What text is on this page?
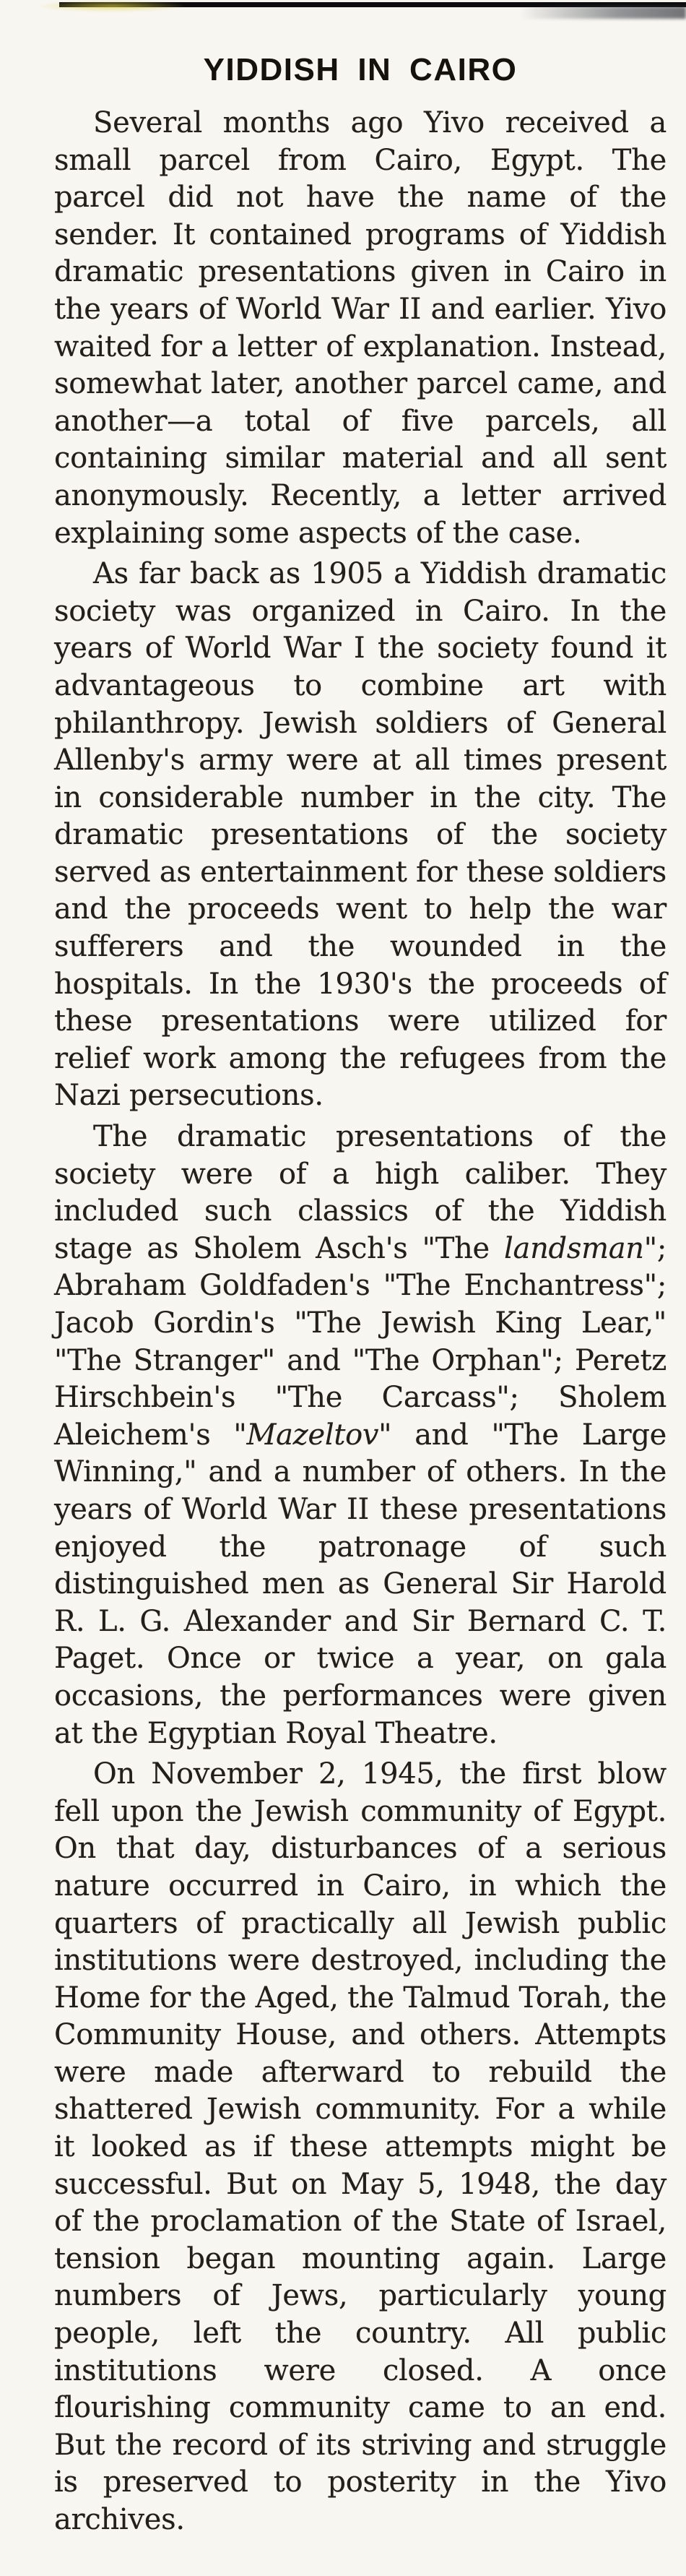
YIDDISH IN CAIRO

Several months ago Yivo received a small parcel from Cairo, Egypt. The parcel did not have the name of the sender. It contained programs of Yiddish dramatic presentations given in Cairo in the years of World War II and earlier. Yivo waited for a letter of explanation. Instead, somewhat later, another parcel came, and another—a total of five parcels, all containing similar material and all sent anonymously. Recently, a letter arrived explaining some aspects of the case.

As far back as 1905 a Yiddish dramatic society was organized in Cairo. In the years of World War I the society found it advantageous to combine art with philanthropy. Jewish soldiers of General Allenby's army were at all times present in considerable number in the city. The dramatic presentations of the society served as entertainment for these soldiers and the proceeds went to help the war sufferers and the wounded in the hospitals. In the 1930's the proceeds of these presentations were utilized for relief work among the refugees from the Nazi persecutions.

The dramatic presentations of the society were of a high caliber. They included such classics of the Yiddish stage as Sholem Asch's "The landsman"; Abraham Goldfaden's "The Enchantress"; Jacob Gordin's "The Jewish King Lear," "The Stranger" and "The Orphan"; Peretz Hirschbein's "The Carcass"; Sholem Aleichem's "Mazeltov" and "The Large Winning," and a number of others. In the years of World War II these presentations enjoyed the patronage of such distinguished men as General Sir Harold R. L. G. Alexander and Sir Bernard C. T. Paget. Once or twice a year, on gala occasions, the performances were given at the Egyptian Royal Theatre.

On November 2, 1945, the first blow fell upon the Jewish community of Egypt. On that day, disturbances of a serious nature occurred in Cairo, in which the quarters of practically all Jewish public institutions were destroyed, including the Home for the Aged, the Talmud Torah, the Community House, and others. Attempts were made afterward to rebuild the shattered Jewish community. For a while it looked as if these attempts might be successful. But on May 5, 1948, the day of the proclamation of the State of Israel, tension began mounting again. Large numbers of Jews, particularly young people, left the country. All public institutions were closed. A once flourishing community came to an end. But the record of its striving and struggle is preserved to posterity in the Yivo archives.
